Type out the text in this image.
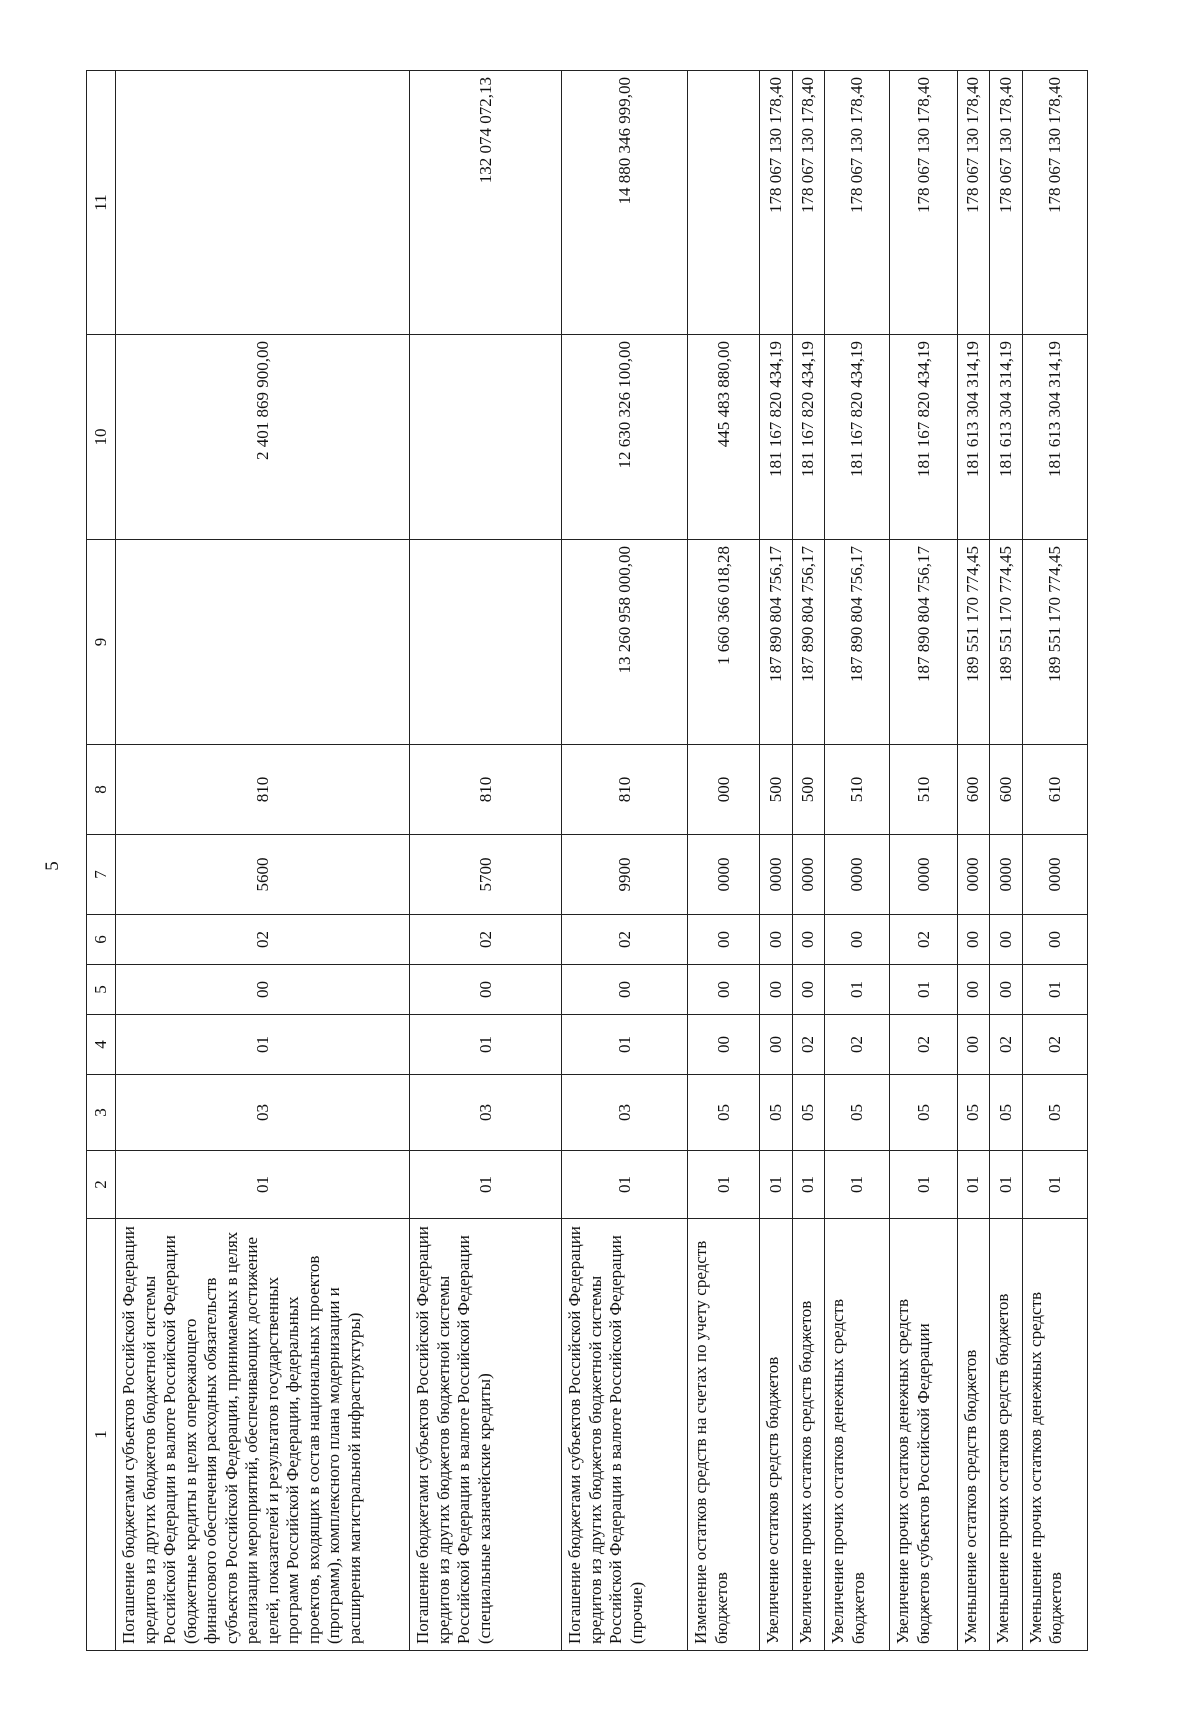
5
1	2	3	4	5	6	7	8	9	10	11
Погашение бюджетами субъектов Российской Федерации кредитов из других бюджетов бюджетной системы Российской Федерации в валюте Российской Федерации (бюджетные кредиты в целях опережающего финансового обеспечения расходных обязательств субъектов Российской Федерации, принимаемых в целях реализации мероприятий, обеспечивающих достижение целей, показателей и результатов государственных программ Российской Федерации, федеральных проектов, входящих в состав национальных проектов (программ), комплексного плана модернизации и расширения магистральной инфраструктуры)	01	03	01	00	02	5600	810		2 401 869 900,00	
Погашение бюджетами субъектов Российской Федерации кредитов из других бюджетов бюджетной системы Российской Федерации в валюте Российской Федерации (специальные казначейские кредиты)	01	03	01	00	02	5700	810			132 074 072,13
Погашение бюджетами субъектов Российской Федерации кредитов из других бюджетов бюджетной системы Российской Федерации в валюте Российской Федерации (прочие)	01	03	01	00	02	9900	810	13 260 958 000,00	12 630 326 100,00	14 880 346 999,00
Изменение остатков средств на счетах по учету средств бюджетов	01	05	00	00	00	0000	000	1 660 366 018,28	445 483 880,00	
Увеличение остатков средств бюджетов	01	05	00	00	00	0000	500	187 890 804 756,17	181 167 820 434,19	178 067 130 178,40
Увеличение прочих остатков средств бюджетов	01	05	02	00	00	0000	500	187 890 804 756,17	181 167 820 434,19	178 067 130 178,40
Увеличение прочих остатков денежных средств бюджетов	01	05	02	01	00	0000	510	187 890 804 756,17	181 167 820 434,19	178 067 130 178,40
Увеличение прочих остатков денежных средств бюджетов субъектов Российской Федерации	01	05	02	01	02	0000	510	187 890 804 756,17	181 167 820 434,19	178 067 130 178,40
Уменьшение остатков средств бюджетов	01	05	00	00	00	0000	600	189 551 170 774,45	181 613 304 314,19	178 067 130 178,40
Уменьшение прочих остатков средств бюджетов	01	05	02	00	00	0000	600	189 551 170 774,45	181 613 304 314,19	178 067 130 178,40
Уменьшение прочих остатков денежных средств бюджетов	01	05	02	01	00	0000	610	189 551 170 774,45	181 613 304 314,19	178 067 130 178,40
